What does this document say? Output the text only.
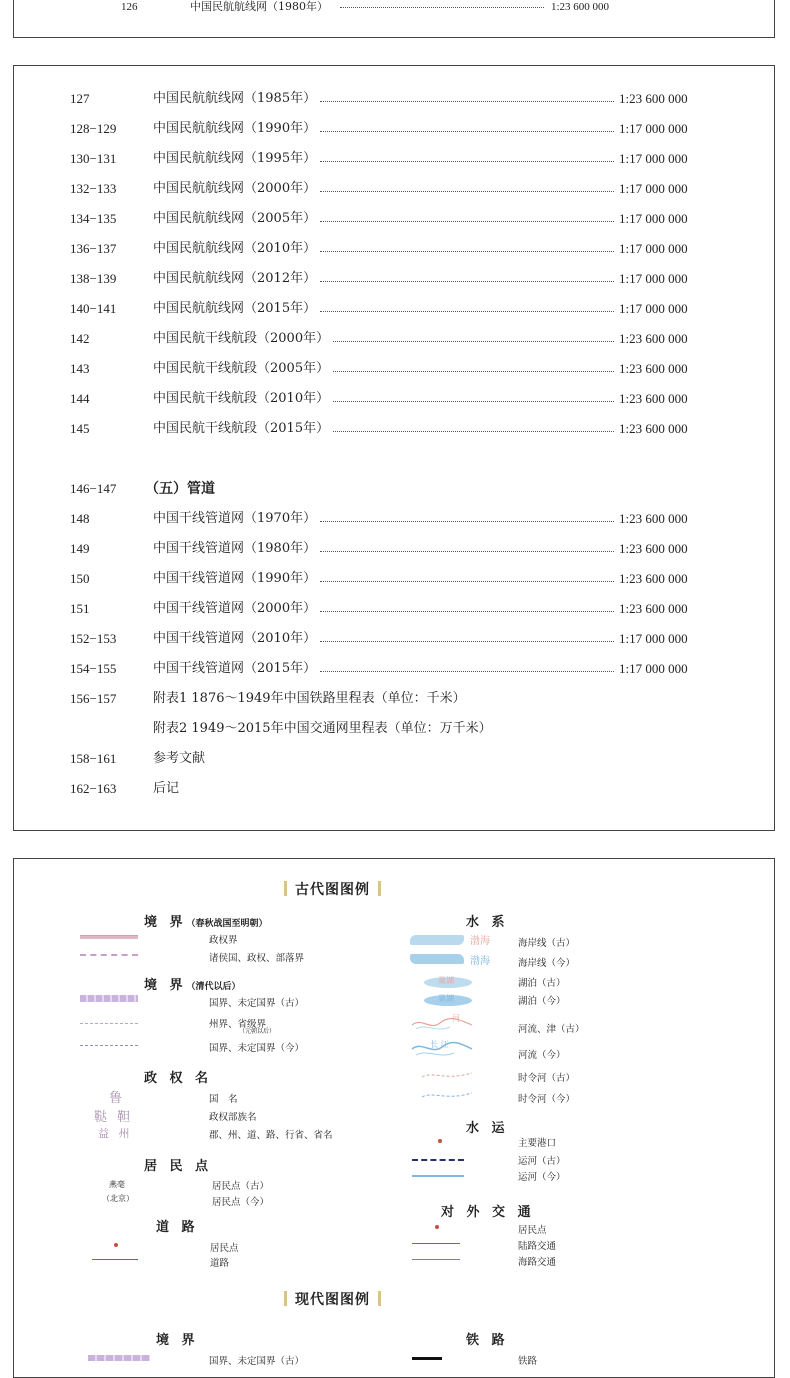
126	中国民航航线网（1980年）	1:23 600 000
127	中国民航航线网（1985年）	1:23 600 000
128−129	中国民航航线网（1990年）	1:17 000 000
130−131	中国民航航线网（1995年）	1:17 000 000
132−133	中国民航航线网（2000年）	1:17 000 000
134−135	中国民航航线网（2005年）	1:17 000 000
136−137	中国民航航线网（2010年）	1:17 000 000
138−139	中国民航航线网（2012年）	1:17 000 000
140−141	中国民航航线网（2015年）	1:17 000 000
142	中国民航干线航段（2000年）	1:23 600 000
143	中国民航干线航段（2005年）	1:23 600 000
144	中国民航干线航段（2010年）	1:23 600 000
145	中国民航干线航段（2015年）	1:23 600 000
146−147 （五）管道
148	中国干线管道网（1970年）	1:23 600 000
149	中国干线管道网（1980年）	1:23 600 000
150	中国干线管道网（1990年）	1:23 600 000
151	中国干线管道网（2000年）	1:23 600 000
152−153	中国干线管道网（2010年）	1:17 000 000
154−155	中国干线管道网（2015年）	1:17 000 000
156−157	附表1 1876～1949年中国铁路里程表（单位：千米）
附表2 1949～2015年中国交通网里程表（单位：万千米）
158−161	参考文献
162−163	后记
古代图图例
境 界（春秋战国至明朝）
政权界
诸侯国、政权、部落界
境 界（清代以后）
国界、未定国界（古）
州界、省级界
（元朝以后）
国界、未定国界（今）
政 权 名
鲁	国　名
鞑 靼	政权部族名
益 州	郡、州、道、路、行省、省名
居 民 点
燕毫	居民点（古）
（北京）	居民点（今）
道 路
居民点
道路
水 系
渤海	海岸线（古）
渤海	海岸线（今）
巢湖	湖泊（古）
巢湖	湖泊（今）
河
河流、津（古）
长 江
河流（今）
时令河（古）
时令河（今）
水 运
主要港口
运河（古）
运河（今）
对 外 交 通
居民点
陆路交通
海路交通
现代图图例
境 界
国界、未定国界（古）
铁 路
铁路
